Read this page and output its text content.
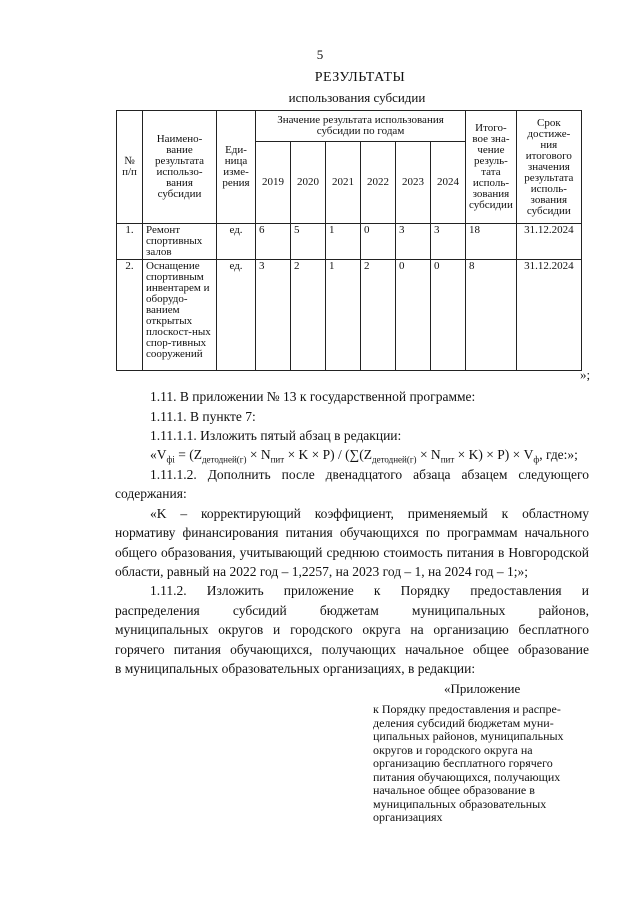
5
РЕЗУЛЬТАТЫ
использования субсидии
№ п/п	Наимено-вание результата использо-вания субсидии	Еди-ница изме-рения	Значение результата использования субсидии по годам						Итого-вое зна-чение резуль-тата исполь-зования субсидии	Срок достиже-ния итогового значения результата исполь-зования субсидии
			2019	2020	2021	2022	2023	2024		
1.	Ремонт спортивных залов	ед.	6	5	1	0	3	3	18	31.12.2024
2.	Оснащение спортивным инвентарем и оборудо-ванием открытых плоскост-ных спор-тивных сооружений	ед.	3	2	1	2	0	0	8	31.12.2024
»;
1.11. В приложении № 13 к государственной программе:
1.11.1. В пункте 7:
1.11.1.1. Изложить пятый абзац в редакции:
«$V_{фi} = (Z_{детодней(г)} \times N_{пит} \times K \times P) / (\sum(Z_{детодней(г)} \times N_{пит} \times K) \times P) \times V_ф$, где:»;
1.11.1.2. Дополнить после двенадцатого абзаца абзацем следующего
содержания:
«K – корректирующий коэффициент, применяемый к областному
нормативу финансирования питания обучающихся по программам начального
общего образования, учитывающий среднюю стоимость питания в Новгородской
области, равный на 2022 год – 1,2257, на 2023 год – 1, на 2024 год – 1;»;
1.11.2. Изложить приложение к Порядку предоставления и
распределения субсидий бюджетам муниципальных районов,
муниципальных округов и городского округа на организацию бесплатного
горячего питания обучающихся, получающих начальное общее образование
в муниципальных образовательных организациях, в редакции:
«Приложение
к Порядку предоставления и распре-деления субсидий бюджетам муни-ципальных районов, муниципальных округов и городского округа на организацию бесплатного горячего питания обучающихся, получающих начальное общее образование в муниципальных образовательных организациях
